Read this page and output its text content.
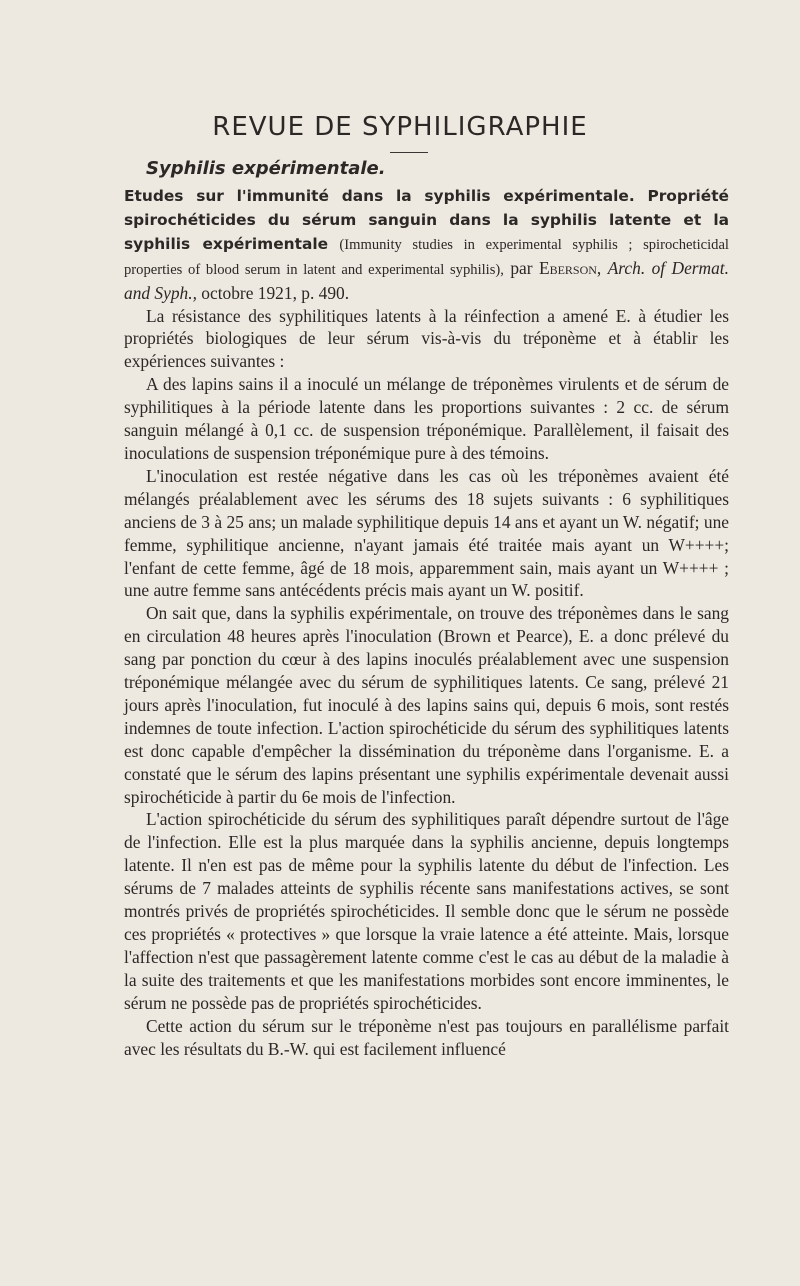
REVUE DE SYPHILIGRAPHIE
Syphilis expérimentale.

Etudes sur l'immunité dans la syphilis expérimentale. Propriété spirochéticides du sérum sanguin dans la syphilis latente et la syphilis expérimentale (Immunity studies in experimental syphilis ; spirocheticidal properties of blood serum in latent and experimental syphilis), par Eberson, Arch. of Dermat. and Syph., octobre 1921, p. 490.

La résistance des syphilitiques latents à la réinfection a amené E. à étudier les propriétés biologiques de leur sérum vis-à-vis du tréponème et à établir les expériences suivantes :

A des lapins sains il a inoculé un mélange de tréponèmes virulents et de sérum de syphilitiques à la période latente dans les proportions suivantes : 2 cc. de sérum sanguin mélangé à 0,1 cc. de suspension tréponémique. Parallèlement, il faisait des inoculations de suspension tréponémique pure à des témoins.

L'inoculation est restée négative dans les cas où les tréponèmes avaient été mélangés préalablement avec les sérums des 18 sujets suivants : 6 syphilitiques anciens de 3 à 25 ans; un malade syphilitique depuis 14 ans et ayant un W. négatif; une femme, syphilitique ancienne, n'ayant jamais été traitée mais ayant un W++++; l'enfant de cette femme, âgé de 18 mois, apparemment sain, mais ayant un W++++ ; une autre femme sans antécédents précis mais ayant un W. positif.

On sait que, dans la syphilis expérimentale, on trouve des tréponèmes dans le sang en circulation 48 heures après l'inoculation (Brown et Pearce), E. a donc prélevé du sang par ponction du cœur à des lapins inoculés préalablement avec une suspension tréponémique mélangée avec du sérum de syphilitiques latents. Ce sang, prélevé 21 jours après l'inoculation, fut inoculé à des lapins sains qui, depuis 6 mois, sont restés indemnes de toute infection. L'action spirochéticide du sérum des syphilitiques latents est donc capable d'empêcher la dissémination du tréponème dans l'organisme. E. a constaté que le sérum des lapins présentant une syphilis expérimentale devenait aussi spirochéticide à partir du 6e mois de l'infection.

L'action spirochéticide du sérum des syphilitiques paraît dépendre surtout de l'âge de l'infection. Elle est la plus marquée dans la syphilis ancienne, depuis longtemps latente. Il n'en est pas de même pour la syphilis latente du début de l'infection. Les sérums de 7 malades atteints de syphilis récente sans manifestations actives, se sont montrés privés de propriétés spirochéticides. Il semble donc que le sérum ne possède ces propriétés « protectives » que lorsque la vraie latence a été atteinte. Mais, lorsque l'affection n'est que passagèrement latente comme c'est le cas au début de la maladie à la suite des traitements et que les manifestations morbides sont encore imminentes, le sérum ne possède pas de propriétés spirochéticides.

Cette action du sérum sur le tréponème n'est pas toujours en parallélisme parfait avec les résultats du B.-W. qui est facilement influencé
